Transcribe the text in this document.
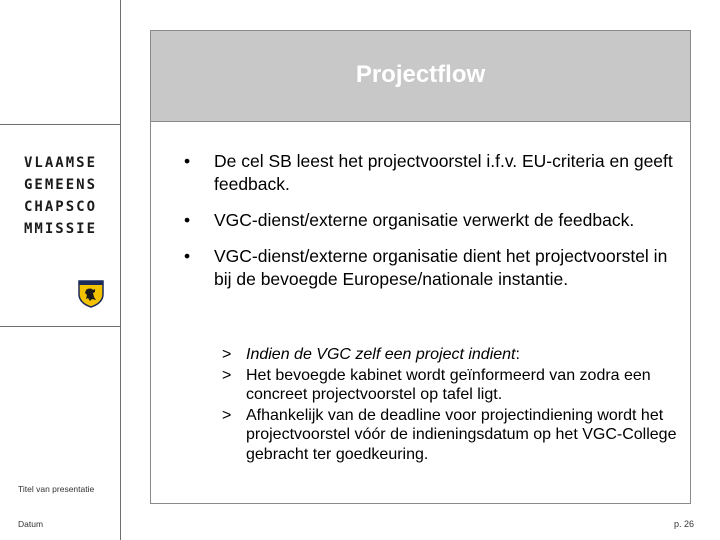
VLAAMSE
GEMEENS
CHAPSCO
MMISSIE
Titel van presentatie
Datum
Projectflow
•	De cel SB leest het projectvoorstel i.f.v. EU-criteria en geeft feedback.
•	VGC-dienst/externe organisatie verwerkt de feedback.
•	VGC-dienst/externe organisatie dient het projectvoorstel in bij de bevoegde Europese/nationale instantie.
> Indien de VGC zelf een project indient:
> Het bevoegde kabinet wordt geïnformeerd van zodra een concreet projectvoorstel op tafel ligt.
> Afhankelijk van de deadline voor projectindiening wordt het projectvoorstel vóór de indieningsdatum op het VGC-College gebracht ter goedkeuring.
p. 26
